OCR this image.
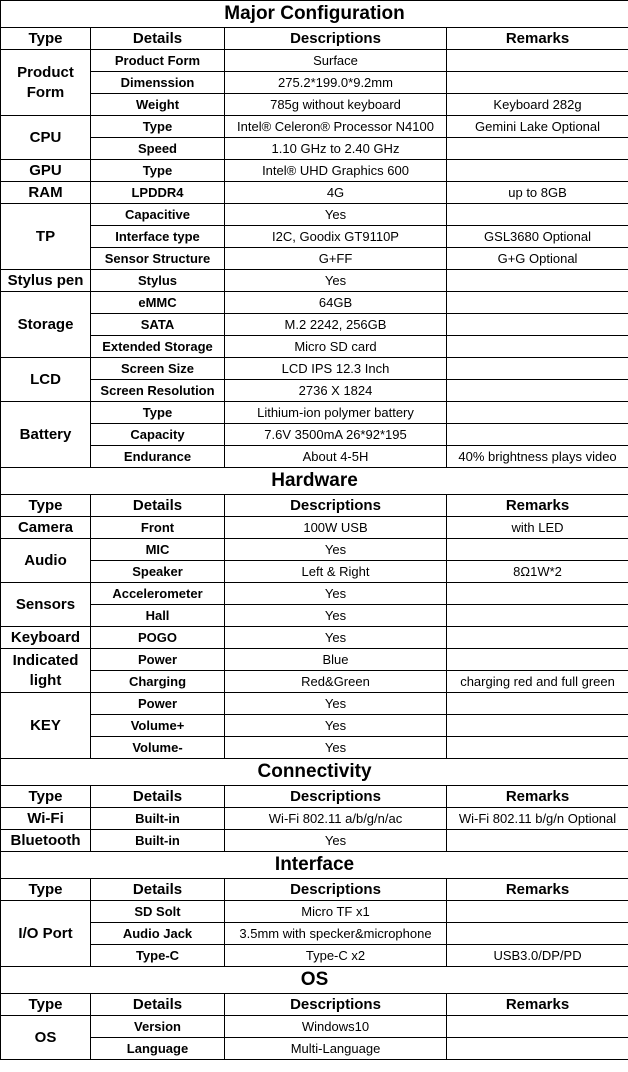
Major Configuration			
Type	Details	Descriptions	Remarks
Product Form	Product Form	Surface	
	Dimenssion	275.2*199.0*9.2mm	
	Weight	785g without keyboard	Keyboard 282g
CPU	Type	Intel® Celeron® Processor N4100	Gemini Lake Optional
	Speed	1.10 GHz to 2.40 GHz	
GPU	Type	Intel® UHD Graphics 600	
RAM	LPDDR4	4G	up to 8GB
TP	Capacitive	Yes	
	Interface type	I2C, Goodix GT9110P	GSL3680 Optional
	Sensor Structure	G+FF	G+G Optional
Stylus pen	Stylus	Yes	
Storage	eMMC	64GB	
	SATA	M.2 2242, 256GB	
	Extended Storage	Micro SD card	
LCD	Screen Size	LCD IPS 12.3 Inch	
	Screen Resolution	2736 X 1824	
Battery	Type	Lithium-ion polymer battery	
	Capacity	7.6V 3500mA 26*92*195	
	Endurance	About 4-5H	40% brightness plays video
Hardware			
Type	Details	Descriptions	Remarks
Camera	Front	100W USB	with LED
Audio	MIC	Yes	
	Speaker	Left & Right	8Ω1W*2
Sensors	Accelerometer	Yes	
	Hall	Yes	
Keyboard	POGO	Yes	
Indicated light	Power	Blue	
	Charging	Red&Green	charging red and full green
KEY	Power	Yes	
	Volume+	Yes	
	Volume-	Yes	
Connectivity			
Type	Details	Descriptions	Remarks
Wi-Fi	Built-in	Wi-Fi 802.11 a/b/g/n/ac	Wi-Fi 802.11 b/g/n Optional
Bluetooth	Built-in	Yes	
Interface			
Type	Details	Descriptions	Remarks
I/O Port	SD Solt	Micro TF x1	
	Audio Jack	3.5mm with specker&microphone	
	Type-C	Type-C x2	USB3.0/DP/PD
OS			
Type	Details	Descriptions	Remarks
OS	Version	Windows10	
	Language	Multi-Language	
